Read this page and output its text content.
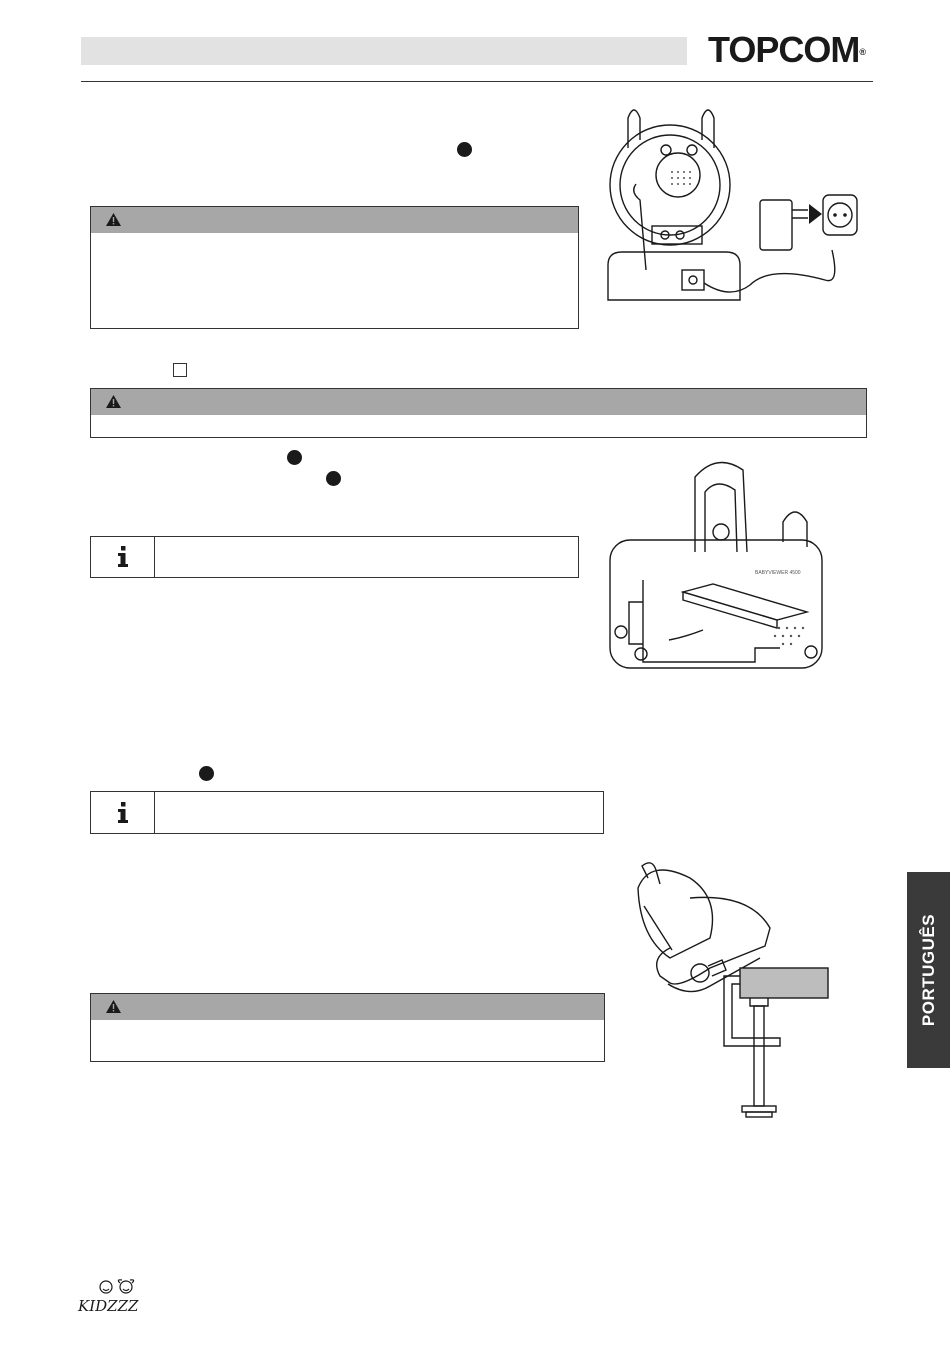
TOPCOM®
BABYVIEWER 4500
PORTUGUÊS
KIDZZZ
